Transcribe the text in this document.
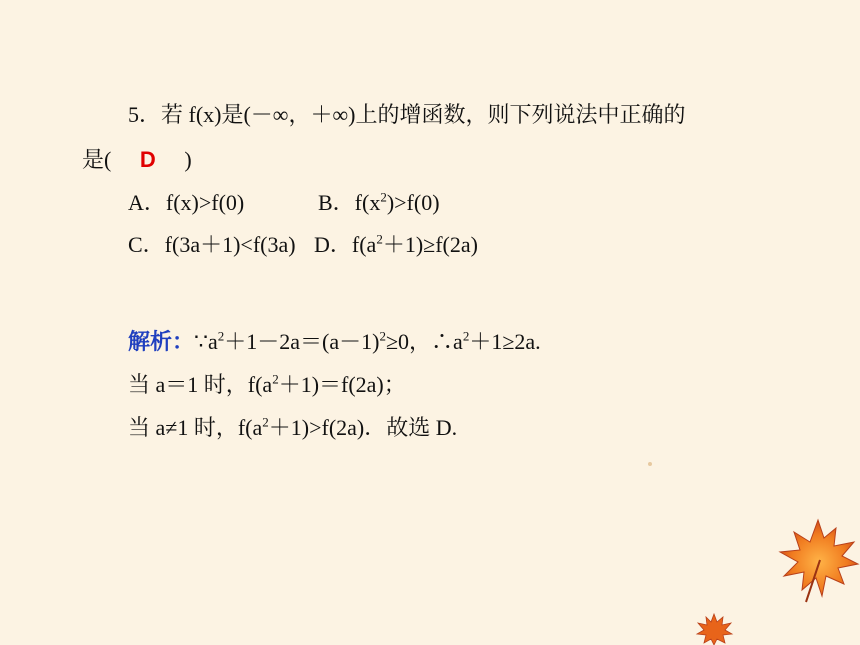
5．若 f(x)是(－∞，＋∞)上的增函数，则下列说法中正确的
是( D )
A．f(x)>f(0)	B．$f(x^2)>f(0)$
C．f(3a＋1)<f(3a) D．$f(a^2+1)\ge f(2a)$
解析：$\because a^2+1-2a=(a-1)^2\ge 0$，$\therefore a^2+1\ge 2a$.
当 a＝1 时，$f(a^2+1)=f(2a)$；
当 a≠1 时，$f(a^2+1)>f(2a)$．故选 D.
